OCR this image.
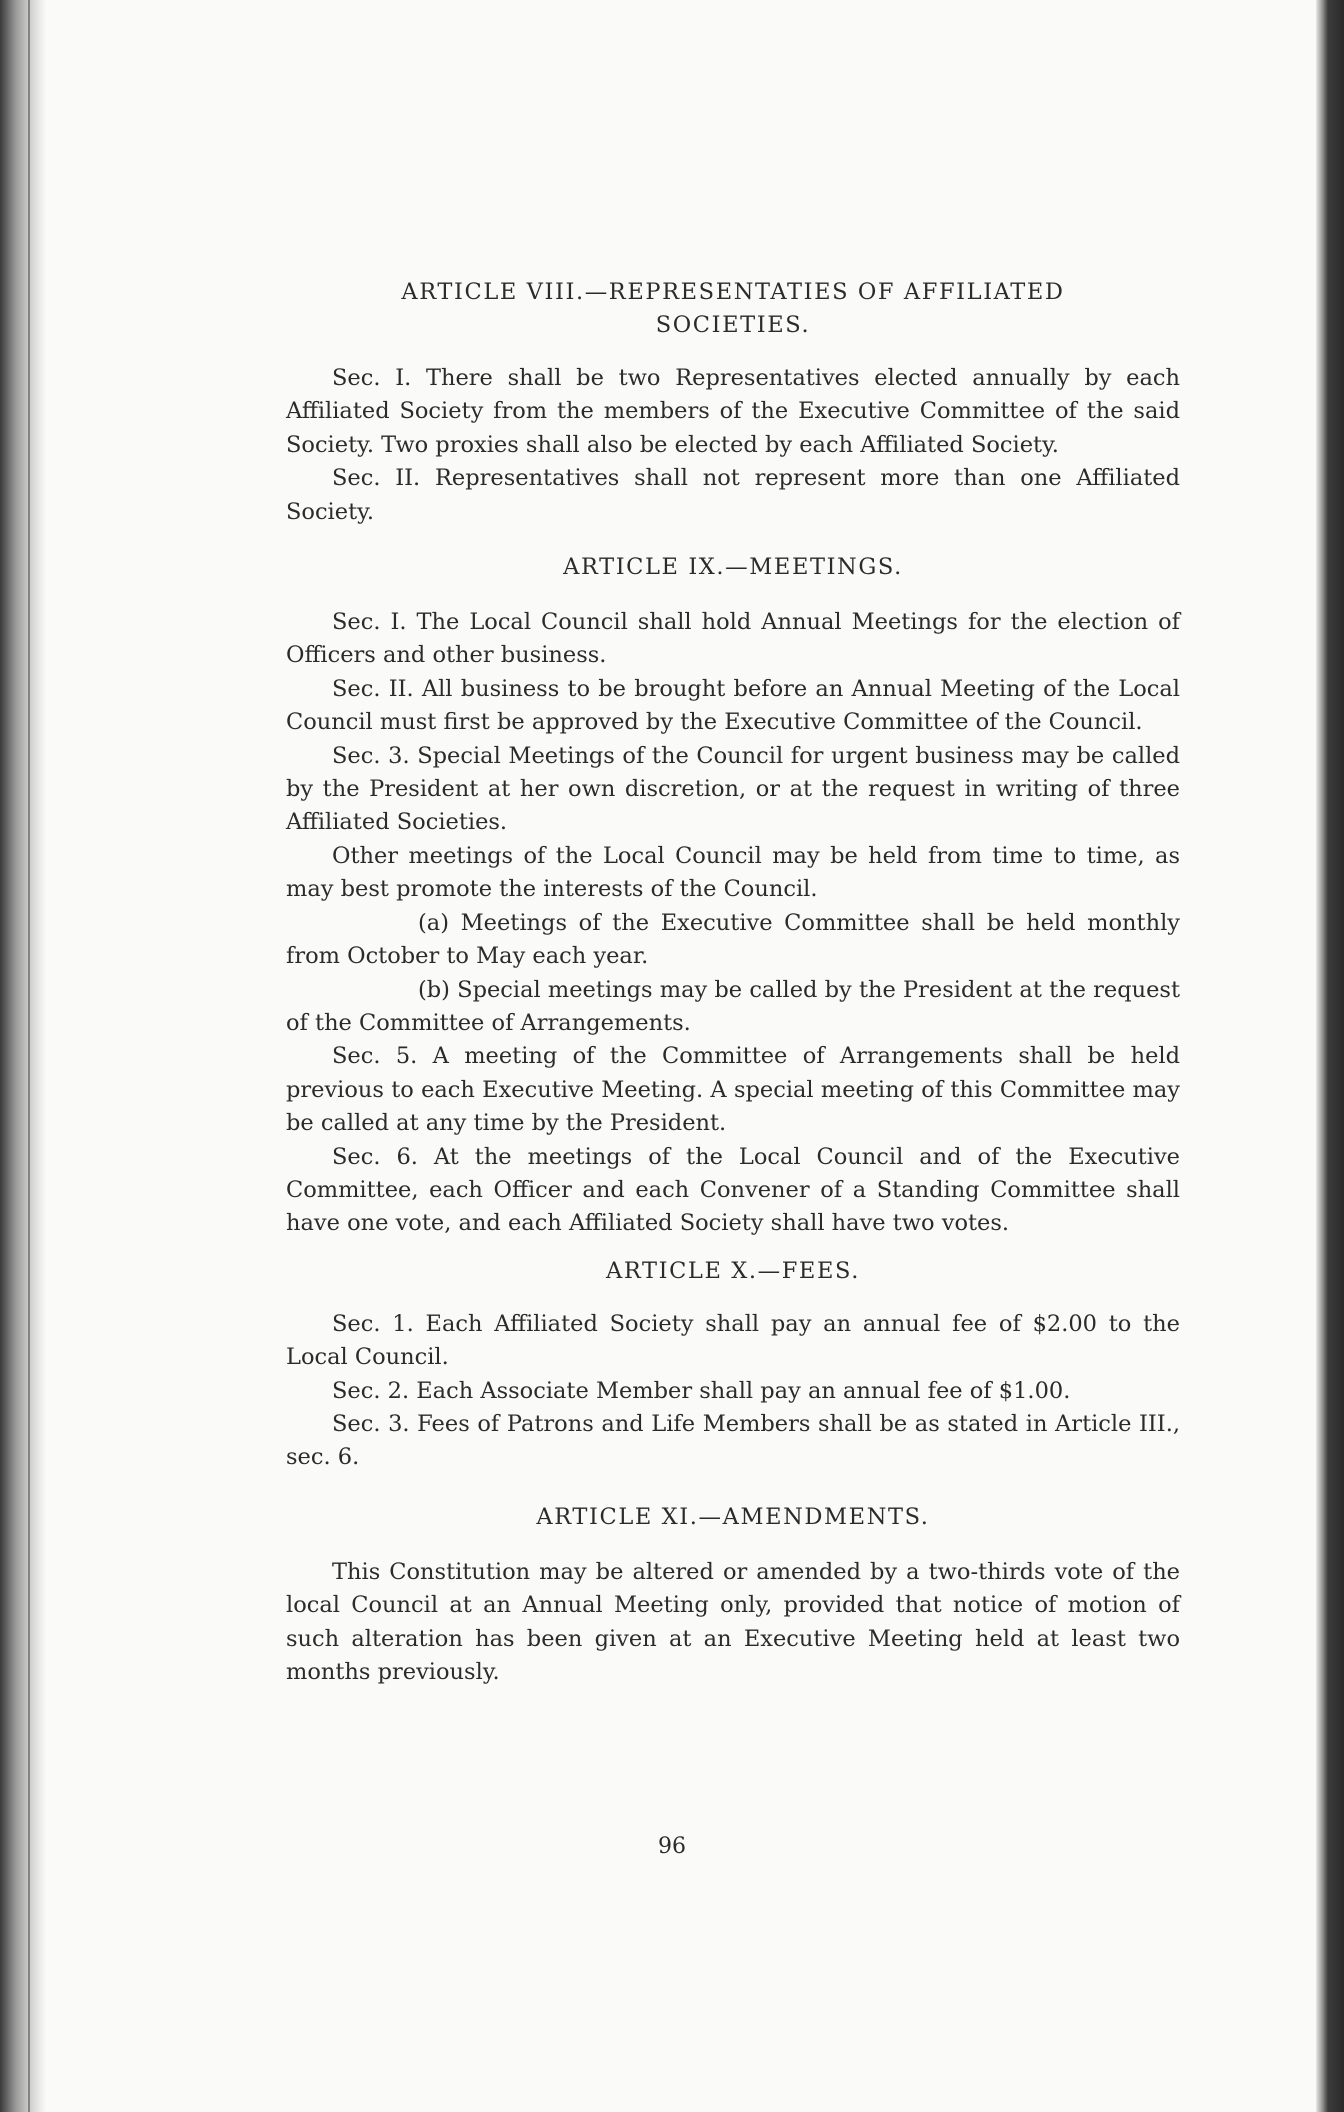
ARTICLE VIII.—REPRESENTATIES OF AFFILIATED
SOCIETIES.

Sec. I. There shall be two Representatives elected annually by each Affiliated Society from the members of the Executive Committee of the said Society. Two proxies shall also be elected by each Affiliated Society.

Sec. II. Representatives shall not represent more than one Affiliated Society.

ARTICLE IX.—MEETINGS.

Sec. I. The Local Council shall hold Annual Meetings for the election of Officers and other business.

Sec. II. All business to be brought before an Annual Meeting of the Local Council must first be approved by the Executive Committee of the Council.

Sec. 3. Special Meetings of the Council for urgent business may be called by the President at her own discretion, or at the request in writing of three Affiliated Societies.

Other meetings of the Local Council may be held from time to time, as may best promote the interests of the Council.

(a) Meetings of the Executive Committee shall be held monthly from October to May each year.

(b) Special meetings may be called by the President at the request of the Committee of Arrangements.

Sec. 5. A meeting of the Committee of Arrangements shall be held previous to each Executive Meeting. A special meeting of this Committee may be called at any time by the President.

Sec. 6. At the meetings of the Local Council and of the Executive Committee, each Officer and each Convener of a Standing Committee shall have one vote, and each Affiliated Society shall have two votes.

ARTICLE X.—FEES.

Sec. 1. Each Affiliated Society shall pay an annual fee of $2.00 to the Local Council.

Sec. 2. Each Associate Member shall pay an annual fee of $1.00.

Sec. 3. Fees of Patrons and Life Members shall be as stated in Article III., sec. 6.

ARTICLE XI.—AMENDMENTS.

This Constitution may be altered or amended by a two-thirds vote of the local Council at an Annual Meeting only, provided that notice of motion of such alteration has been given at an Executive Meeting held at least two months previously.

96
